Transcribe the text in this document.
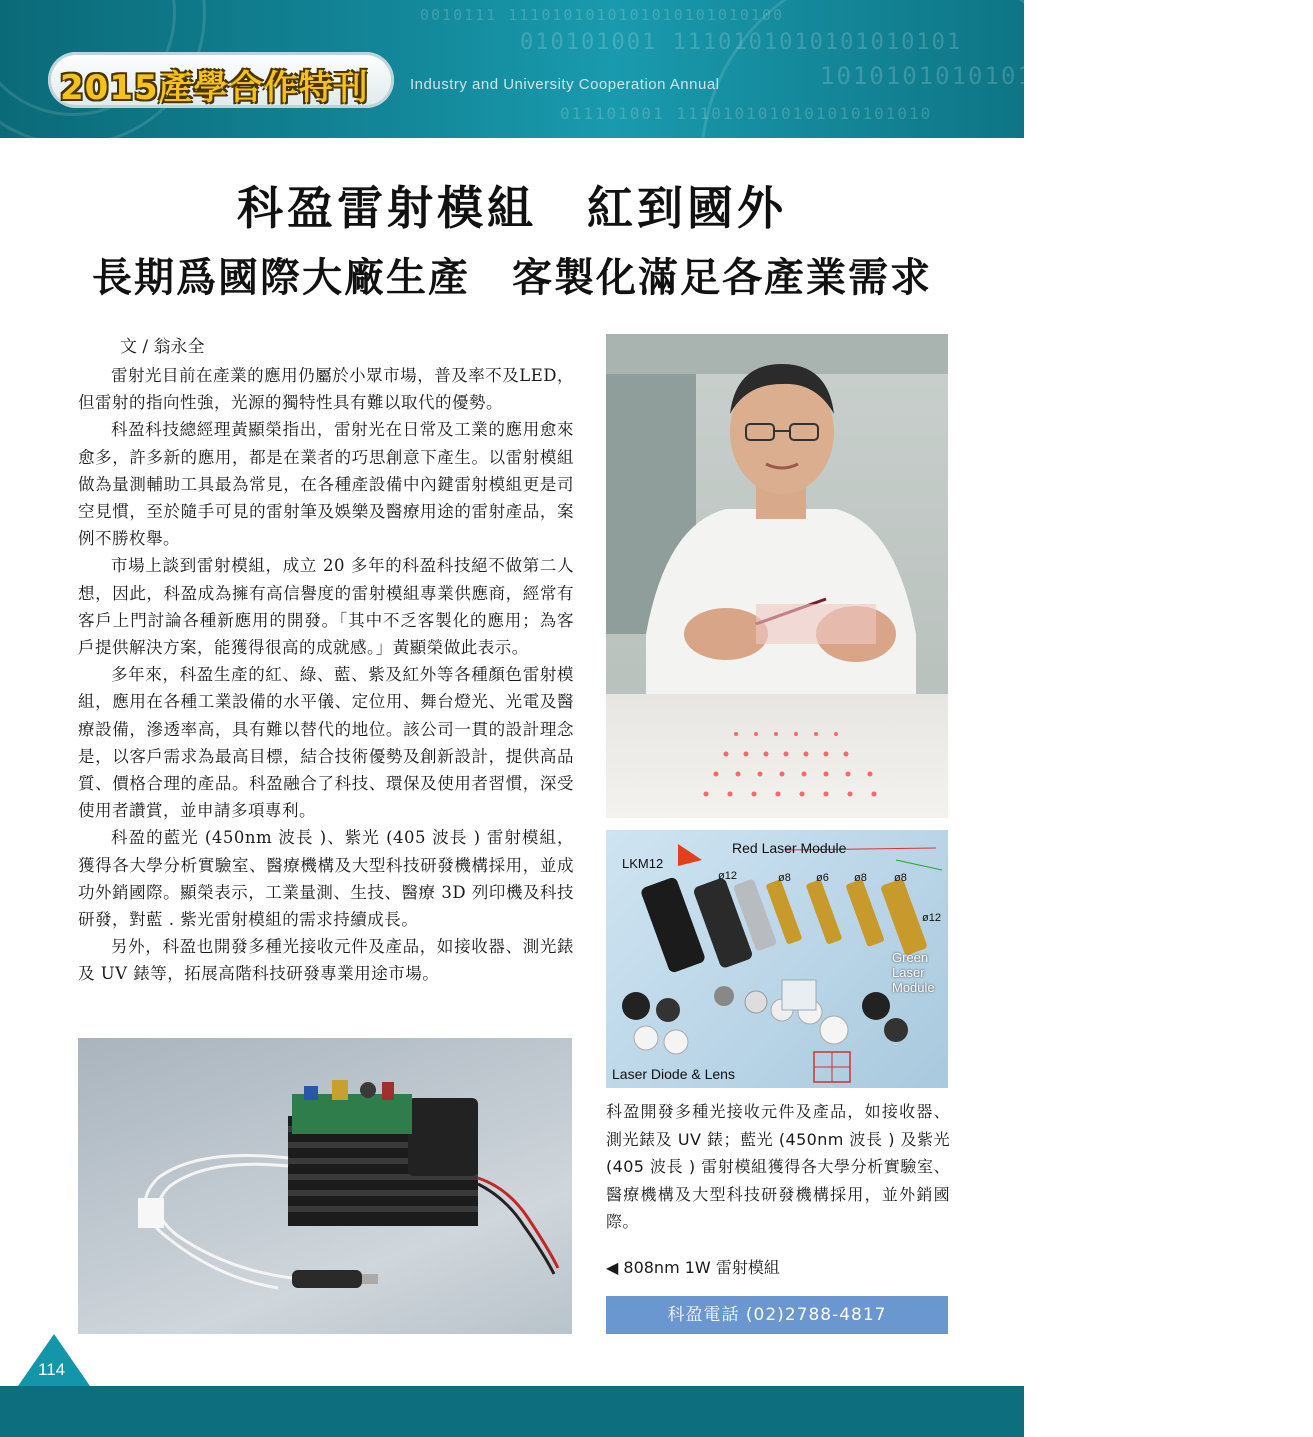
0010111 1110101010101010101010100
010101001 1110101010101010101
10101010101010101010 110100010
011101001 1110101010101010101010
2015產學合作特刊	Industry and University Cooperation Annual
科盈雷射模組　紅到國外
長期爲國際大廠生產　客製化滿足各產業需求
文 / 翁永全

雷射光目前在產業的應用仍屬於小眾市場，普及率不及LED，但雷射的指向性強，光源的獨特性具有難以取代的優勢。

科盈科技總經理黃顯榮指出，雷射光在日常及工業的應用愈來愈多，許多新的應用，都是在業者的巧思創意下產生。以雷射模組做為量測輔助工具最為常見，在各種產設備中內鍵雷射模組更是司空見慣，至於隨手可見的雷射筆及娛樂及醫療用途的雷射產品，案例不勝枚舉。

市場上談到雷射模組，成立 20 多年的科盈科技絕不做第二人想，因此，科盈成為擁有高信譽度的雷射模組專業供應商，經常有客戶上門討論各種新應用的開發。「其中不乏客製化的應用；為客戶提供解決方案，能獲得很高的成就感。」黃顯榮做此表示。

多年來，科盈生產的紅、綠、藍、紫及紅外等各種顏色雷射模組，應用在各種工業設備的水平儀、定位用、舞台燈光、光電及醫療設備，滲透率高，具有難以替代的地位。該公司一貫的設計理念是，以客戶需求為最高目標，結合技術優勢及創新設計，提供高品質、價格合理的產品。科盈融合了科技、環保及使用者習慣，深受使用者讚賞，並申請多項專利。

科盈的藍光 (450nm 波長 )、紫光 (405 波長 ) 雷射模組，獲得各大學分析實驗室、醫療機構及大型科技研發機構採用，並成功外銷國際。顯榮表示，工業量測、生技、醫療 3D 列印機及科技研發，對藍 . 紫光雷射模組的需求持續成長。

另外，科盈也開發多種光接收元件及產品，如接收器、測光錶及 UV 錶等，拓展高階科技研發專業用途市場。

LKM12
Red Laser Module
ø12	ø8 ø6 ø8 ø8
ø12
Green Laser Module
Laser Diode & Lens
科盈開發多種光接收元件及產品，如接收器、測光錶及 UV 錶；藍光 (450nm 波長 ) 及紫光 (405 波長 ) 雷射模組獲得各大學分析實驗室、醫療機構及大型科技研發機構採用，並外銷國際。
◀ 808nm 1W 雷射模組
科盈電話 (02)2788-4817
114
